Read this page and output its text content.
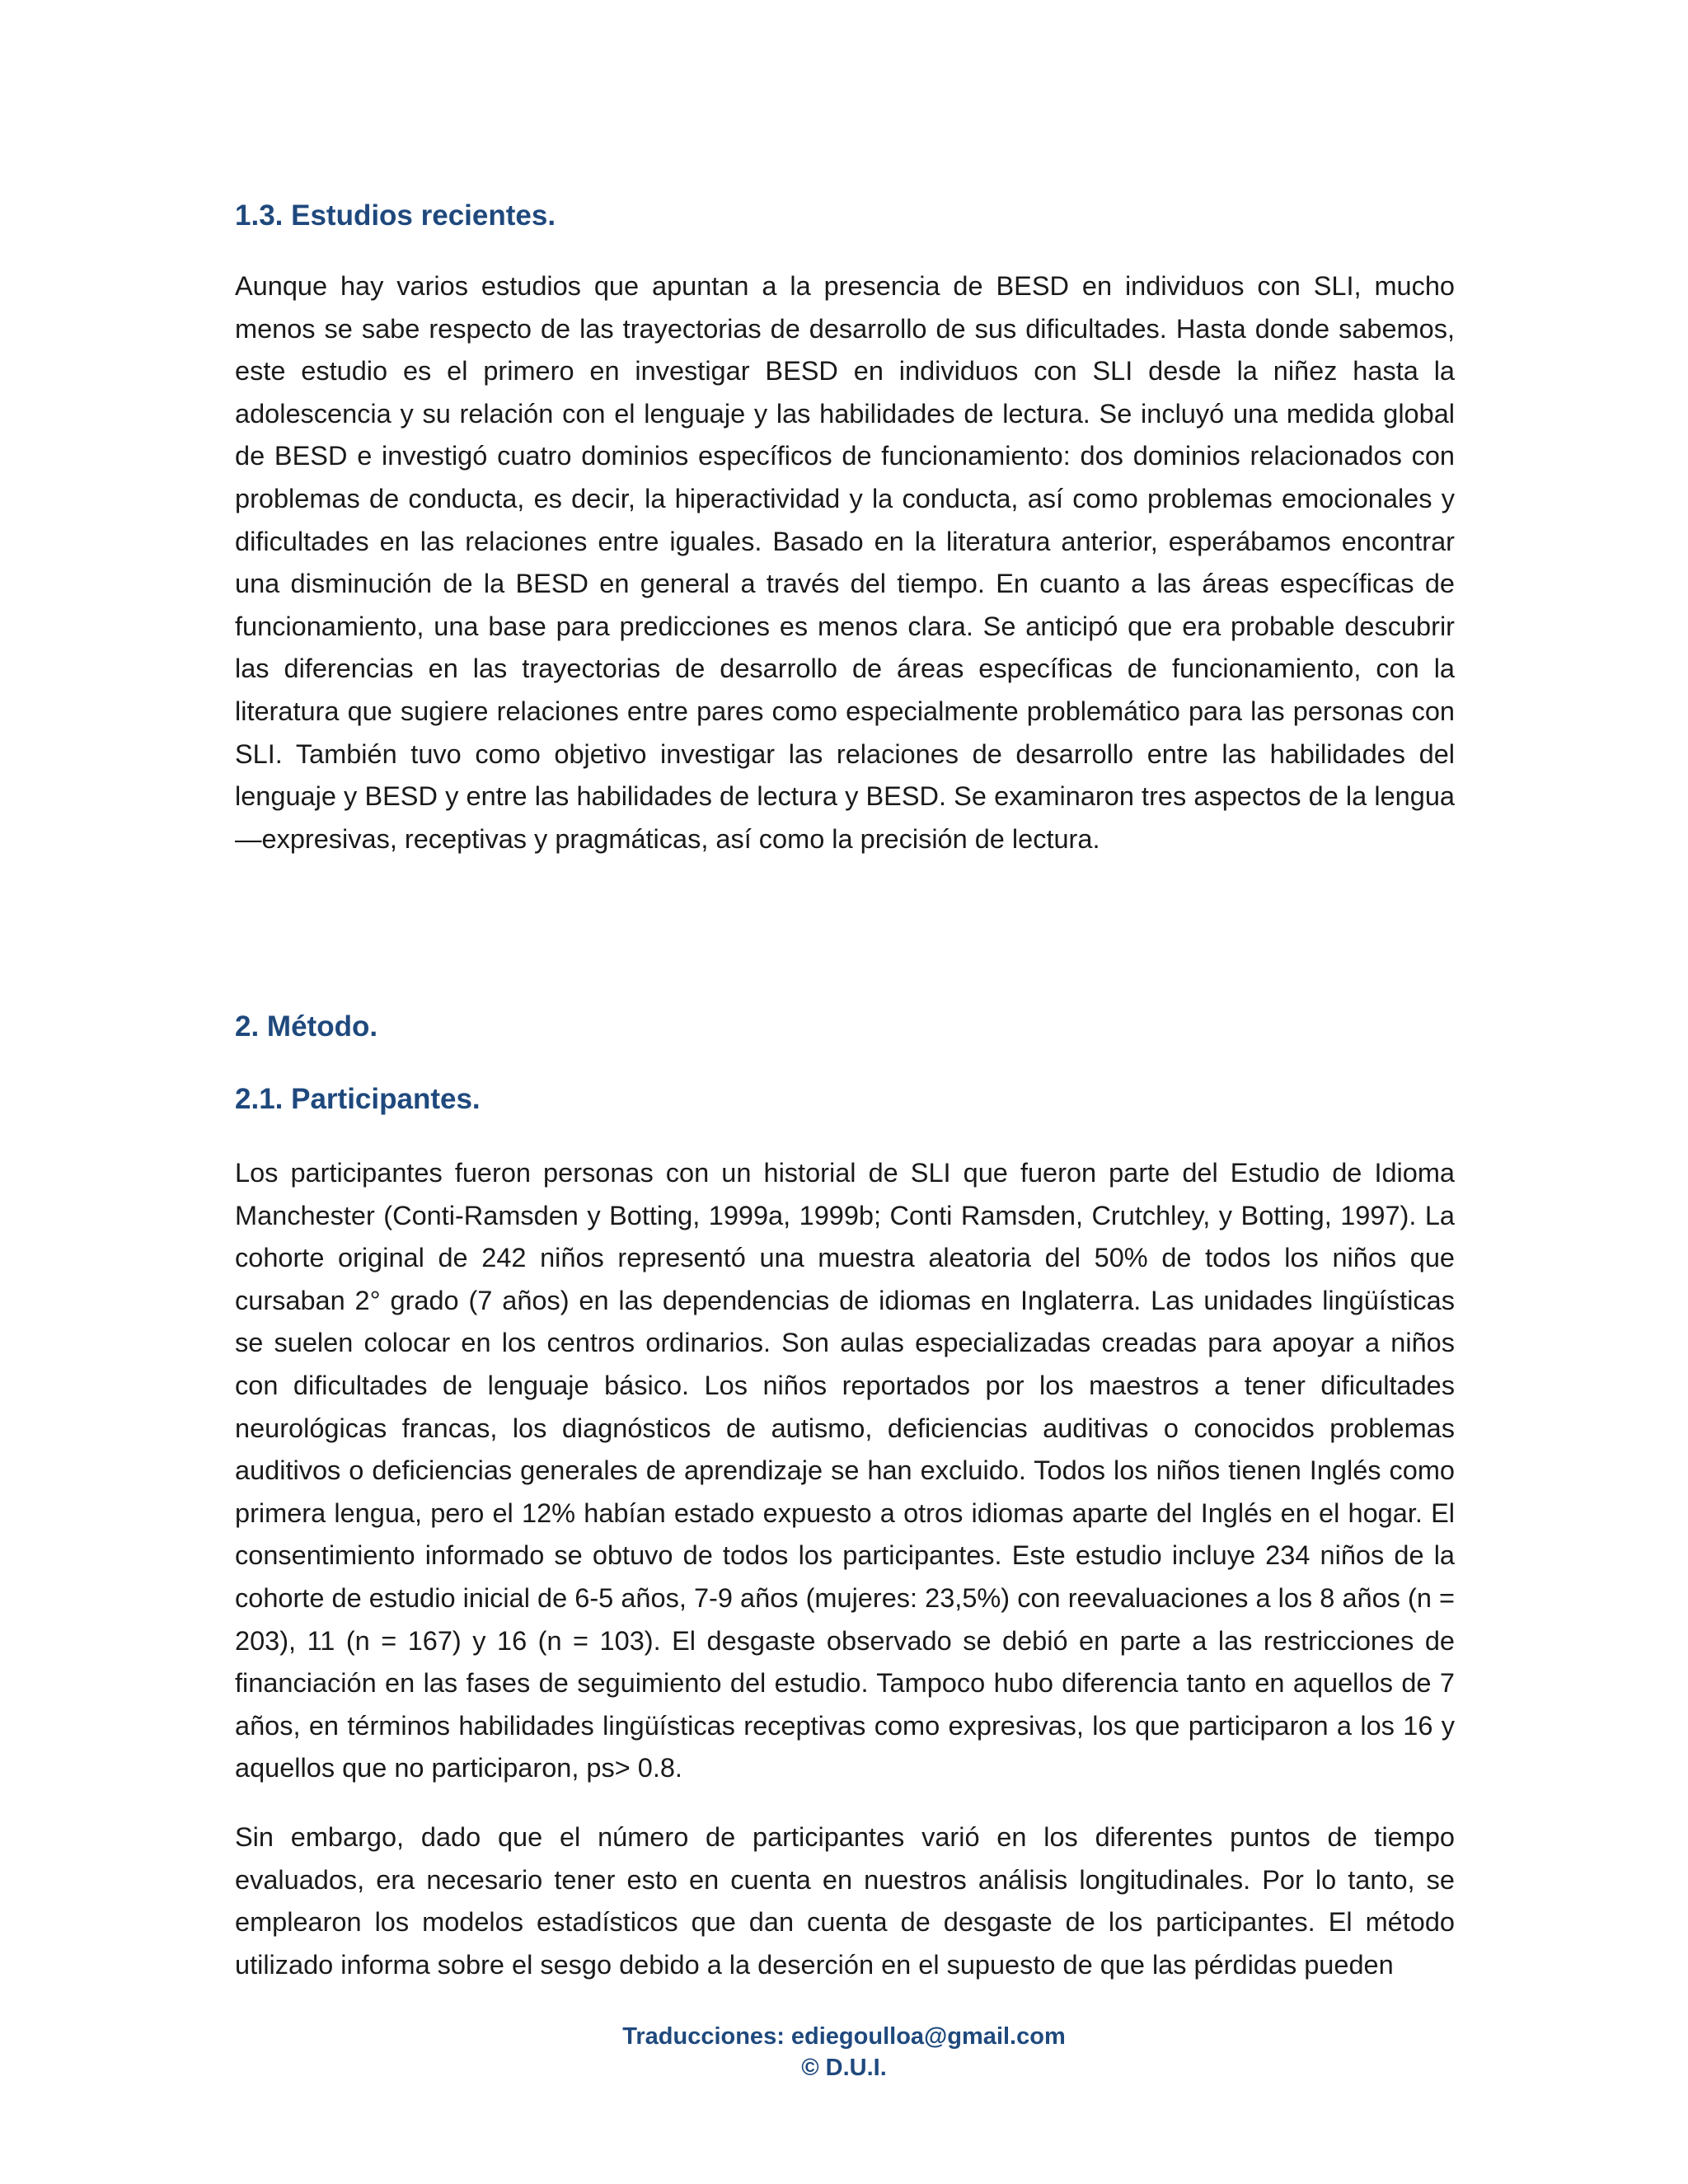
1.3. Estudios recientes.

Aunque hay varios estudios que apuntan a la presencia de BESD en individuos con SLI, mucho menos se sabe respecto de las trayectorias de desarrollo de sus dificultades. Hasta donde sabemos, este estudio es el primero en investigar BESD en individuos con SLI desde la niñez hasta la adolescencia y su relación con el lenguaje y las habilidades de lectura. Se incluyó una medida global de BESD e investigó cuatro dominios específicos de funcionamiento: dos dominios relacionados con problemas de conducta, es decir, la hiperactividad y la conducta, así como problemas emocionales y dificultades en las relaciones entre iguales. Basado en la literatura anterior, esperábamos encontrar una disminución de la BESD en general a través del tiempo. En cuanto a las áreas específicas de funcionamiento, una base para predicciones es menos clara. Se anticipó que era probable descubrir las diferencias en las trayectorias de desarrollo de áreas específicas de funcionamiento, con la literatura que sugiere relaciones entre pares como especialmente problemático para las personas con SLI. También tuvo como objetivo investigar las relaciones de desarrollo entre las habilidades del lenguaje y BESD y entre las habilidades de lectura y BESD. Se examinaron tres aspectos de la lengua—expresivas, receptivas y pragmáticas, así como la precisión de lectura.

2. Método.
2.1. Participantes.

Los participantes fueron personas con un historial de SLI que fueron parte del Estudio de Idioma Manchester (Conti-Ramsden y Botting, 1999a, 1999b; Conti Ramsden, Crutchley, y Botting, 1997). La cohorte original de 242 niños representó una muestra aleatoria del 50% de todos los niños que cursaban 2° grado (7 años) en las dependencias de idiomas en Inglaterra. Las unidades lingüísticas se suelen colocar en los centros ordinarios. Son aulas especializadas creadas para apoyar a niños con dificultades de lenguaje básico. Los niños reportados por los maestros a tener dificultades neurológicas francas, los diagnósticos de autismo, deficiencias auditivas o conocidos problemas auditivos o deficiencias generales de aprendizaje se han excluido. Todos los niños tienen Inglés como primera lengua, pero el 12% habían estado expuesto a otros idiomas aparte del Inglés en el hogar. El consentimiento informado se obtuvo de todos los participantes. Este estudio incluye 234 niños de la cohorte de estudio inicial de 6-5 años, 7-9 años (mujeres: 23,5%) con reevaluaciones a los 8 años (n = 203), 11 (n = 167) y 16 (n = 103). El desgaste observado se debió en parte a las restricciones de financiación en las fases de seguimiento del estudio. Tampoco hubo diferencia tanto en aquellos de 7 años, en términos habilidades lingüísticas receptivas como expresivas, los que participaron a los 16 y aquellos que no participaron, ps> 0.8.

Sin embargo, dado que el número de participantes varió en los diferentes puntos de tiempo evaluados, era necesario tener esto en cuenta en nuestros análisis longitudinales. Por lo tanto, se emplearon los modelos estadísticos que dan cuenta de desgaste de los participantes. El método utilizado informa sobre el sesgo debido a la deserción en el supuesto de que las pérdidas pueden

Traducciones: ediegoulloa@gmail.com
© D.U.I.
